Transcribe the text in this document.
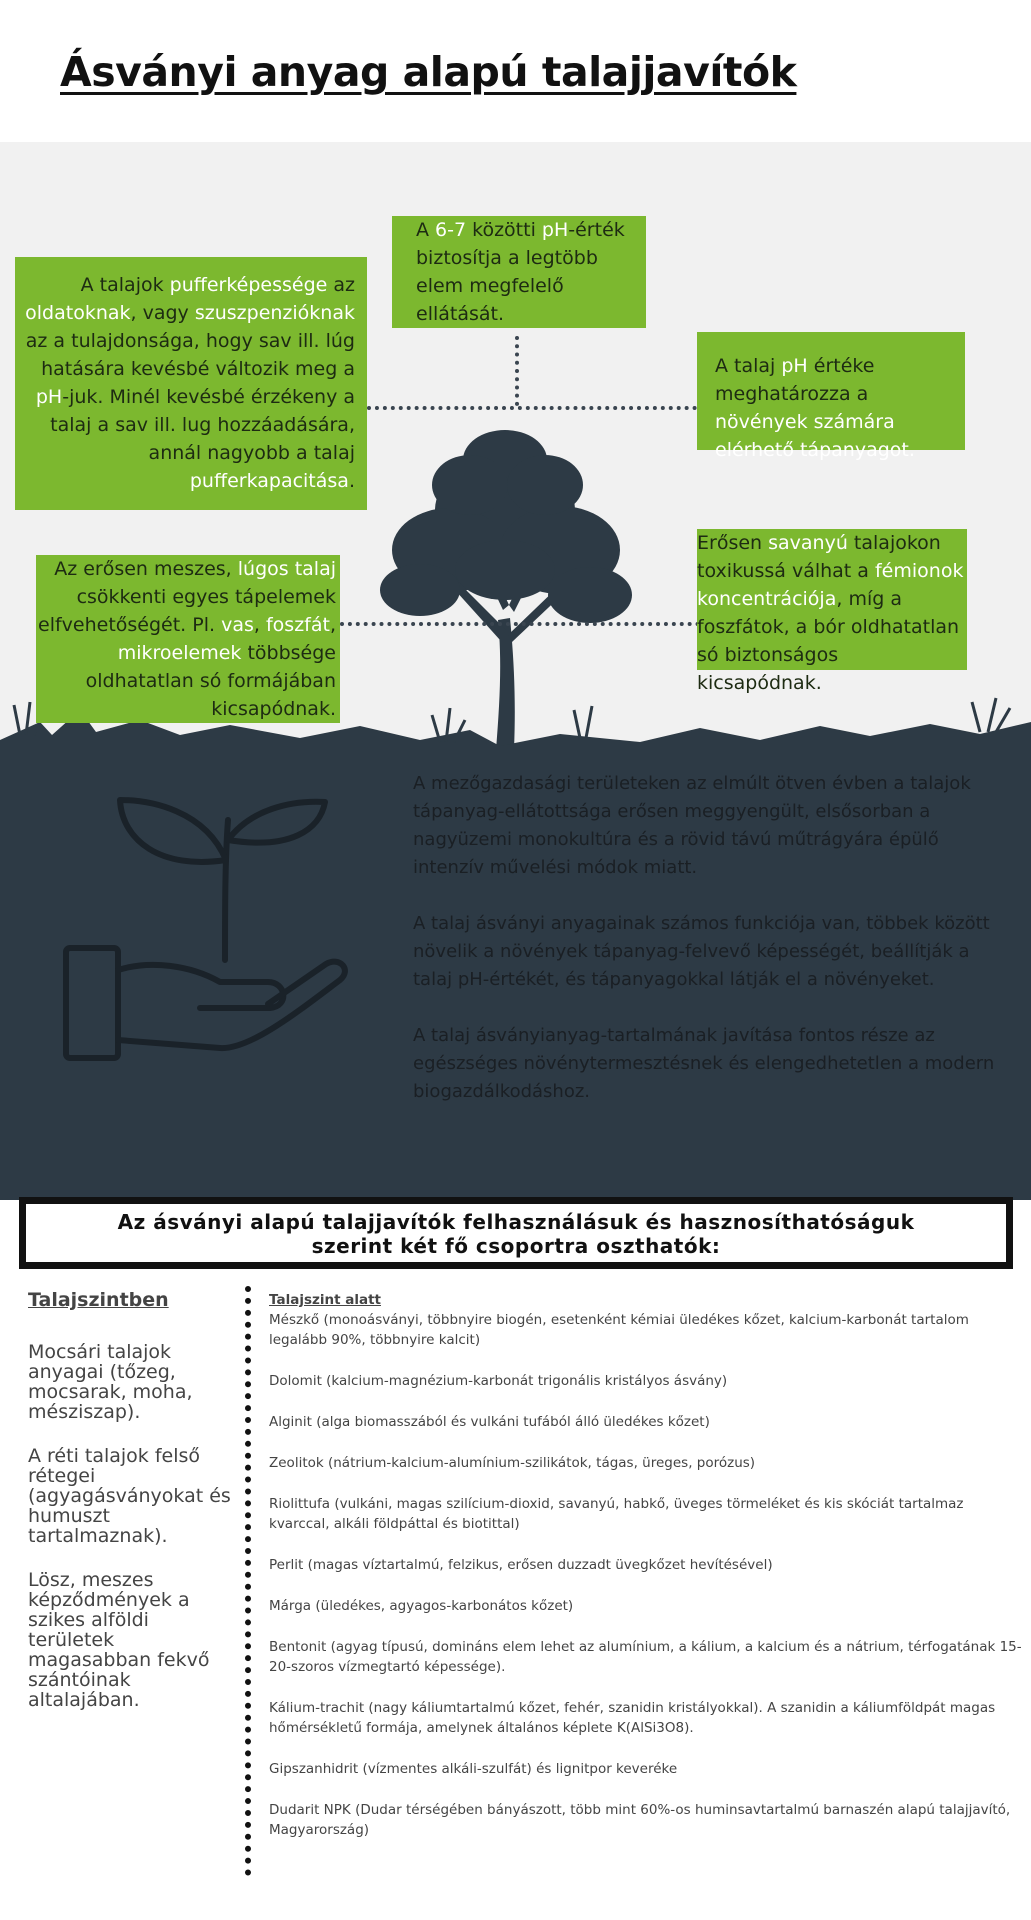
Ásványi anyag alapú talajjavítók
A talajok pufferképessége az
oldatoknak, vagy szuszpenzióknak
az a tulajdonsága, hogy sav ill. lúg
hatására kevésbé változik meg a
pH-juk. Minél kevésbé érzékeny a
talaj a sav ill. lug hozzáadására,
annál nagyobb a talaj
pufferkapacitása.
A 6-7 közötti pH-érték
biztosítja a legtöbb
elem megfelelő
ellátását.
A talaj pH értéke
meghatározza a
növények számára
elérhető tápanyagot.
Az erősen meszes, lúgos talaj
csökkenti egyes tápelemek
elfvehetőségét. Pl. vas, foszfát,
mikroelemek többsége
oldhatatlan só formájában
kicsapódnak.
Erősen savanyú talajokon
toxikussá válhat a fémionok
koncentrációja, míg a
foszfátok, a bór oldhatatlan
só biztonságos kicsapódnak.

A mezőgazdasági területeken az elmúlt ötven évben a talajok tápanyag-ellátottsága erősen meggyengült, elsősorban a nagyüzemi monokultúra és a rövid távú műtrágyára épülő intenzív művelési módok miatt.

A talaj ásványi anyagainak számos funkciója van, többek között növelik a növények tápanyag-felvevő képességét, beállítják a talaj pH-értékét, és tápanyagokkal látják el a növényeket.

A talaj ásványianyag-tartalmának javítása fontos része az egészséges növénytermesztésnek és elengedhetetlen a modern biogazdálkodáshoz.

Az ásványi alapú talajjavítók felhasználásuk és hasznosíthatóságuk
szerint két fő csoportra oszthatók:
Talajszintben

Mocsári talajok anyagai (tőzeg, mocsarak, moha, mésziszap).

A réti talajok felső rétegei (agyagásványokat és humuszt tartalmaznak).

Lösz, meszes képződmények a szikes alföldi területek magasabban fekvő szántóinak altalajában.

Talajszint alatt
Mészkő (monoásványi, többnyire biogén, esetenként kémiai üledékes kőzet, kalcium-karbonát tartalom legalább 90%, többnyire kalcit)
Dolomit (kalcium-magnézium-karbonát trigonális kristályos ásvány)
Alginit (alga biomasszából és vulkáni tufából álló üledékes kőzet)
Zeolitok (nátrium-kalcium-alumínium-szilikátok, tágas, üreges, porózus)
Riolittufa (vulkáni, magas szilícium-dioxid, savanyú, habkő, üveges törmeléket és kis skóciát tartalmaz kvarccal, alkáli földpáttal és biotittal)
Perlit (magas víztartalmú, felzikus, erősen duzzadt üvegkőzet hevítésével)
Márga (üledékes, agyagos-karbonátos kőzet)
Bentonit (agyag típusú, domináns elem lehet az alumínium, a kálium, a kalcium és a nátrium, térfogatának 15-20-szoros vízmegtartó képessége).
Kálium-trachit (nagy káliumtartalmú kőzet, fehér, szanidin kristályokkal). A szanidin a káliumföldpát magas hőmérsékletű formája, amelynek általános képlete K(AlSi3O8).
Gipszanhidrit (vízmentes alkáli-szulfát) és lignitpor keveréke
Dudarit NPK (Dudar térségében bányászott, több mint 60%-os huminsavtartalmú barnaszén alapú talajjavító, Magyarország)
